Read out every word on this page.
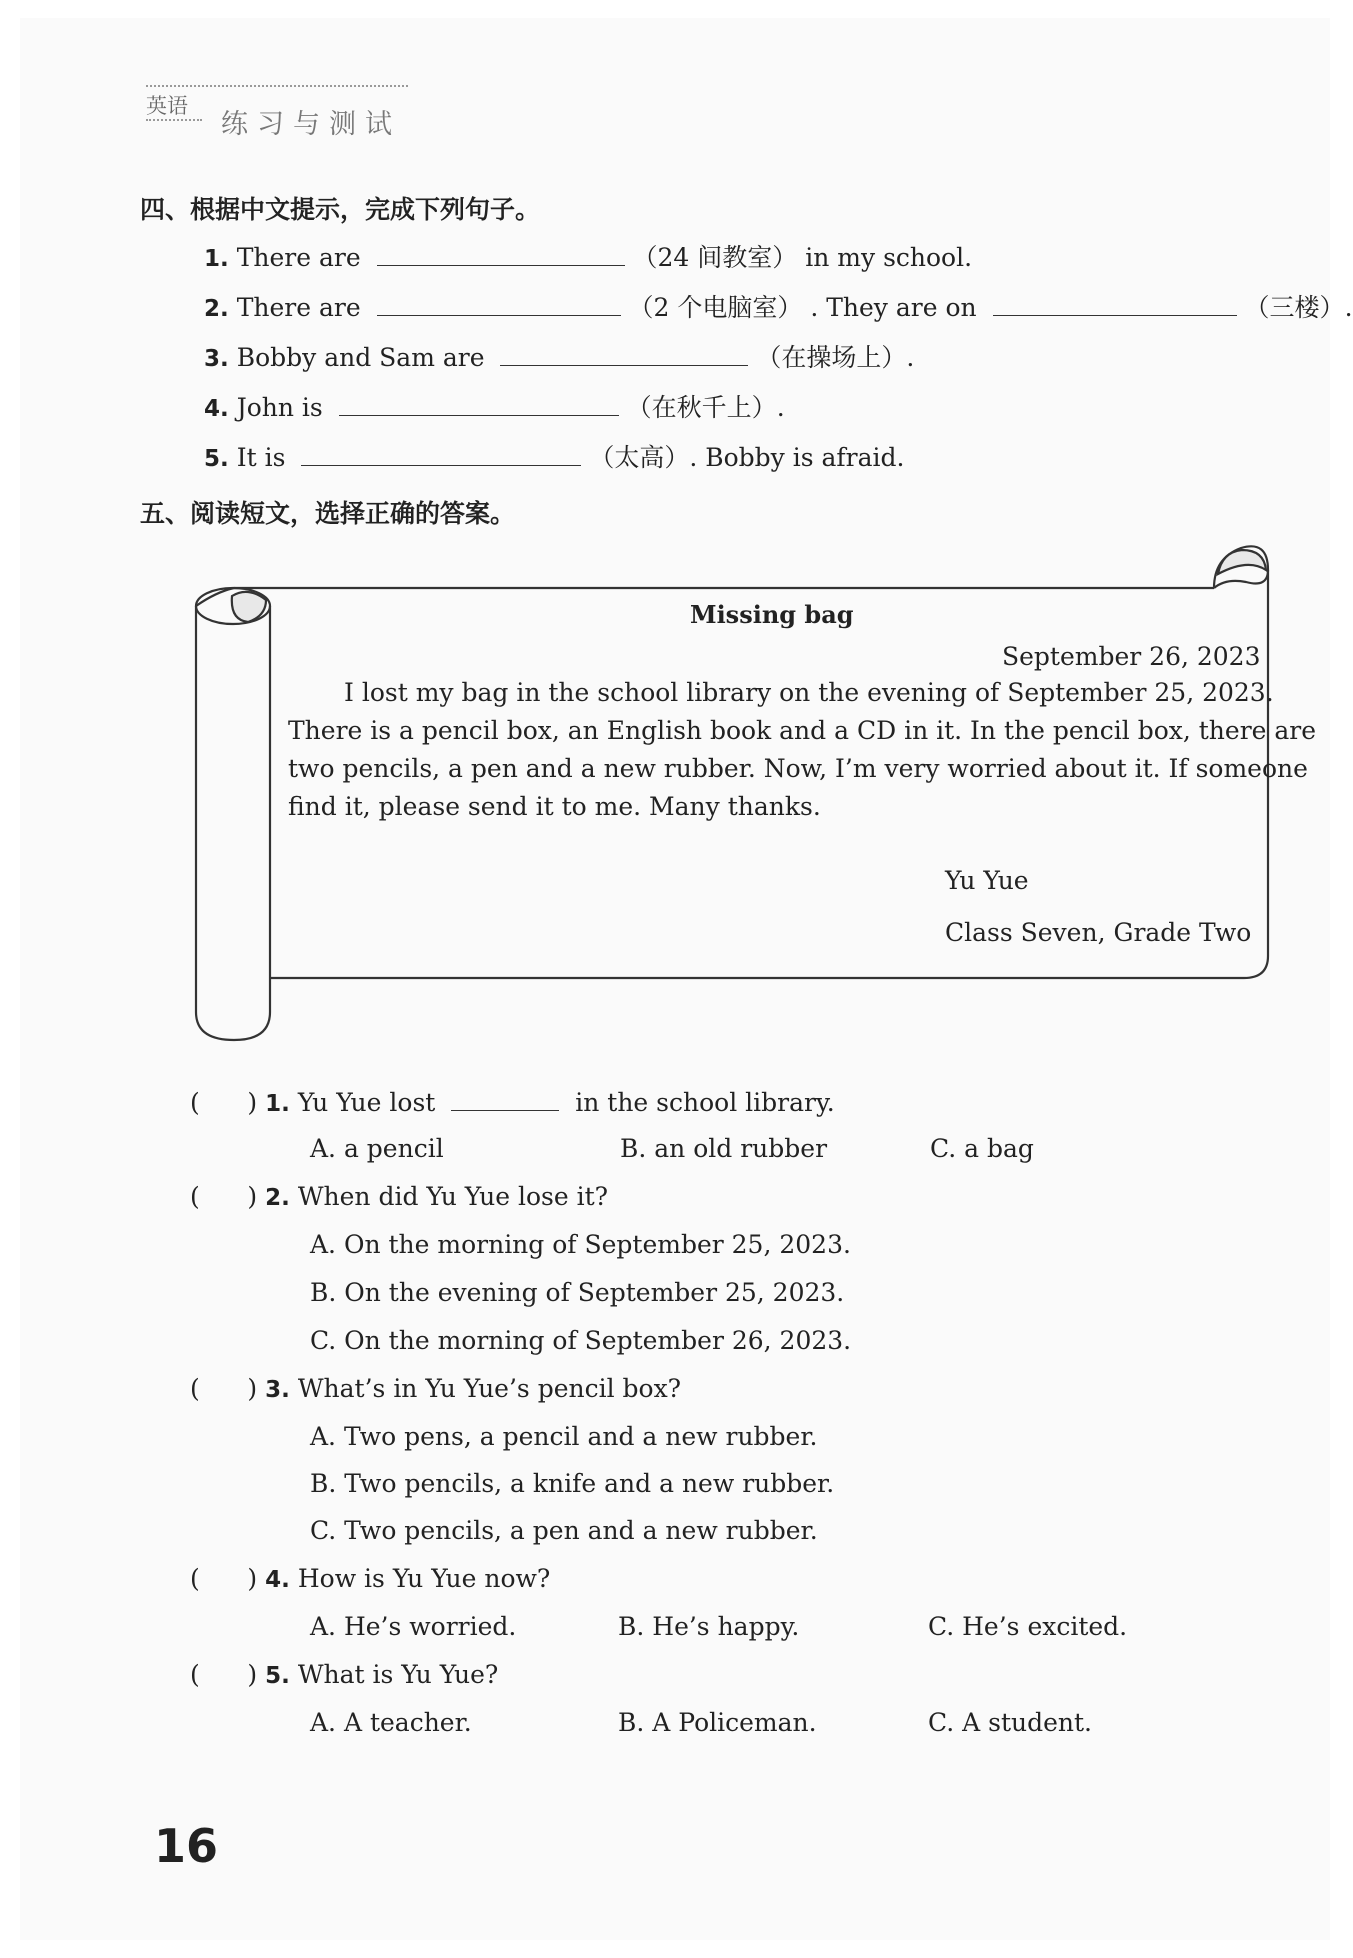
英语
练习与测试
四、根据中文提示，完成下列句子。
1. There are	（24 间教室） in my school.
2. There are	（2 个电脑室） . They are on	（三楼）.
3. Bobby and Sam are	（在操场上）.
4. John is	（在秋千上）.
5. It is	（太高）. Bobby is afraid.
五、阅读短文，选择正确的答案。
Missing bag
September 26, 2023
I lost my bag in the school library on the evening of September 25, 2023.
There is a pencil box, an English book and a CD in it. In the pencil box, there are
two pencils, a pen and a new rubber. Now, I’m very worried about it. If someone
find it, please send it to me. Many thanks.
Yu Yue
Class Seven, Grade Two
(      ) 1. Yu Yue lost	in the school library.
A. a pencil	B. an old rubber	C. a bag
(      ) 2. When did Yu Yue lose it?
A. On the morning of September 25, 2023.
B. On the evening of September 25, 2023.
C. On the morning of September 26, 2023.
(      ) 3. What’s in Yu Yue’s pencil box?
A. Two pens, a pencil and a new rubber.
B. Two pencils, a knife and a new rubber.
C. Two pencils, a pen and a new rubber.
(      ) 4. How is Yu Yue now?
A. He’s worried.	B. He’s happy.	C. He’s excited.
(      ) 5. What is Yu Yue?
A. A teacher.	B. A Policeman.	C. A student.
16
